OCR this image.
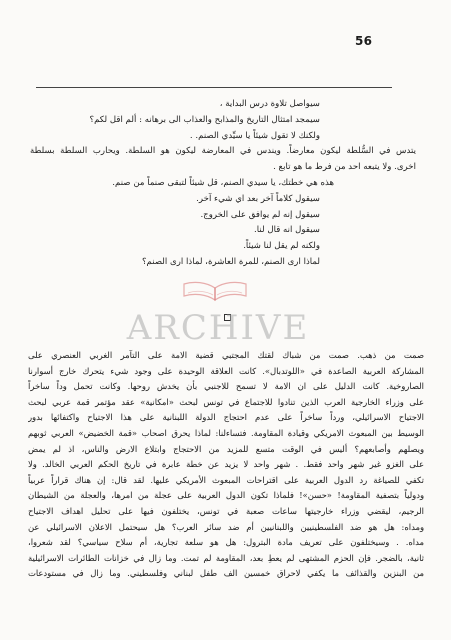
56
سيواصل تلاوة درس البداية ،
سيمجد امتثال التاريخ والمذابح والعذاب الى برهانه : ألم اقل لكم؟
ولكنك لا تقول شيئاً يا سيِّدي الصنم. .
يتدس في السُّلطة ليكون معارضاً. ويندس في المعارضة ليكون هو السلطة. ويحارب السلطة بسلطة
اخرى. ولا يتبعه احد من فرط ما هو تابع .
هذه هي خطتك، يا سيدي الصنم، قل شيئاً لتبقى صنماً من صنم.
سيقول كلاماً آخر بعد اي شيء آخر.
سيقول إنه لم يوافق على الخروج.
سيقول انه قال لنا.
ولكنه لم يقل لنا شيئاً.
لماذا ارى الصنم، للمرة العاشرة، لماذا ارى الصنم؟
ARCHIVE
صمت من ذهب. صمت من شباك لقتك المجتبي قضية الامة على التآمر الغربي العنصري على
المشاركة العربية الصاعدة في «اللوتدبال». كانت العلاقة الوحيدة على وجود شيء يتحرك خارج أسوارنا
الصاروخية. كانت الدليل على ان الامة لا تسمح للاجنبي بأن يخدش روحها. وكانت تحمل وداً ساخراً
على وزراء الخارجية العرب الذين تنادوا للاجتماع في تونس لبحث «امكانية» عقد مؤتمر قمة عربي لبحث
الاجتياح الاسرائيلي، ورداً ساخراً على عدم احتجاج الدولة اللبنانية على هذا الاجتياح واكتفائها بدور
الوسيط بين المبعوث الامريكي وقيادة المقاومة. فتساءلنا: لماذا يحرق اصحاب «قمة الخضيض» العربي ثوبهم
ويصلهم وأصابعهم؟ أليس في الوقت متسع للمزيد من الاحتجاج وابتلاع الارض والناس، اذ لم يمض
على الغزو غير شهر واحد فقط. . شهر واحد لا يزيد عن خطة عابرة في تاريخ الحكم العربي الخالد. ولا
تكفي للصياغة رد الدول العربية على اقتراحات المبعوث الأمريكي عليها. لقد قال: إن هناك قراراً عربياً
ودولياً بتصفية المقاومة! «حسن»! فلماذا تكون الدول العربية على عجلة من امرها، والعجلة من الشيطان
الرجيم، ليقضي وزراء خارجيتها ساعات صعبة في تونس، يختلفون فيها على تحليل اهداف الاجتياح
ومداه: هل هو ضد الفلسطينيين واللبنانيين أم ضد سائر العرب؟ هل سيحتمل الاعلان الاسرائيلي عن
مداه. . وسيختلفون على تعريف مادة البترول: هل هو سلعة تجارية، أم سلاح سياسي؟ لقد شعروا،
ثانية، بالضجر. فإن الحزم المشتهى لم يعطِ بعد، المقاومة لم تمت. وما زال في خزانات الطائرات الاسرائيلية
من البنزين والقذائف ما يكفي لاحراق خمسين الف طفل لبناني وفلسطيني. وما زال في مستودعات
